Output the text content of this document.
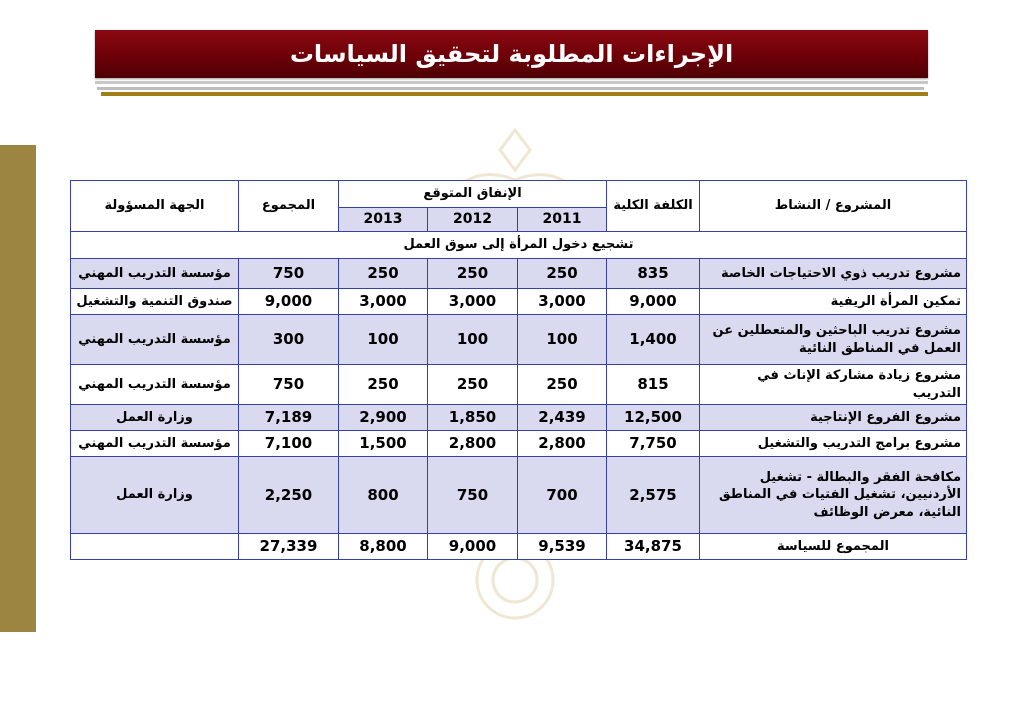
الإجراءات المطلوبة لتحقيق السياسات
المشروع / النشاط	الكلفة الكلية	الإنفاق المتوقع			المجموع	الجهة المسؤولة
		2011	2012	2013		
تشجيع دخول المرأة إلى سوق العمل						
مشروع تدريب ذوي الاحتياجات الخاصة	835	250	250	250	750	مؤسسة التدريب المهني
تمكين المرأة الريفية	9,000	3,000	3,000	3,000	9,000	صندوق التنمية والتشغيل
مشروع تدريب الباحثين والمتعطلين عن العمل في المناطق النائية	1,400	100	100	100	300	مؤسسة التدريب المهني
مشروع زيادة مشاركة الإناث في التدريب	815	250	250	250	750	مؤسسة التدريب المهني
مشروع الفروع الإنتاجية	12,500	2,439	1,850	2,900	7,189	وزارة العمل
مشروع برامج التدريب والتشغيل	7,750	2,800	2,800	1,500	7,100	مؤسسة التدريب المهني
مكافحة الفقر والبطالة - تشغيل الأردنيين، تشغيل الفتيات في المناطق النائية، معرض الوظائف	2,575	700	750	800	2,250	وزارة العمل
المجموع للسياسة	34,875	9,539	9,000	8,800	27,339	
